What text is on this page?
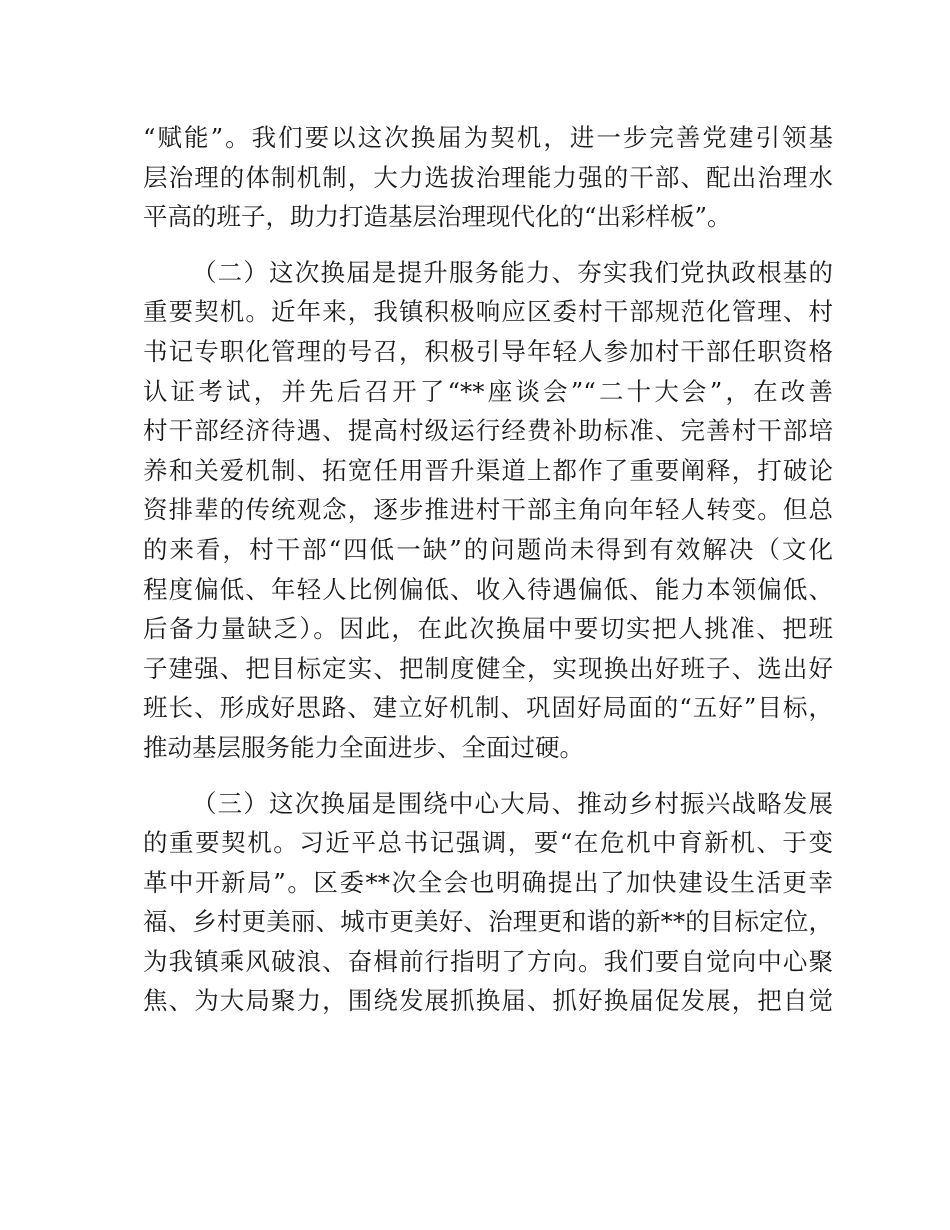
“赋能”。我们要以这次换届为契机，进一步完善党建引领基
层治理的体制机制，大力选拔治理能力强的干部、配出治理水
平高的班子，助力打造基层治理现代化的“出彩样板”。
（二）这次换届是提升服务能力、夯实我们党执政根基的
重要契机。近年来，我镇积极响应区委村干部规范化管理、村
书记专职化管理的号召，积极引导年轻人参加村干部任职资格
认证考试，并先后召开了“**座谈会”“二十大会”，在改善
村干部经济待遇、提高村级运行经费补助标准、完善村干部培
养和关爱机制、拓宽任用晋升渠道上都作了重要阐释，打破论
资排辈的传统观念，逐步推进村干部主角向年轻人转变。但总
的来看，村干部“四低一缺”的问题尚未得到有效解决（文化
程度偏低、年轻人比例偏低、收入待遇偏低、能力本领偏低、
后备力量缺乏）。因此，在此次换届中要切实把人挑准、把班
子建强、把目标定实、把制度健全，实现换出好班子、选出好
班长、形成好思路、建立好机制、巩固好局面的“五好”目标，
推动基层服务能力全面进步、全面过硬。
（三）这次换届是围绕中心大局、推动乡村振兴战略发展
的重要契机。习近平总书记强调，要“在危机中育新机、于变
革中开新局”。区委**次全会也明确提出了加快建设生活更幸
福、乡村更美丽、城市更美好、治理更和谐的新**的目标定位，
为我镇乘风破浪、奋楫前行指明了方向。我们要自觉向中心聚
焦、为大局聚力，围绕发展抓换届、抓好换届促发展，把自觉
